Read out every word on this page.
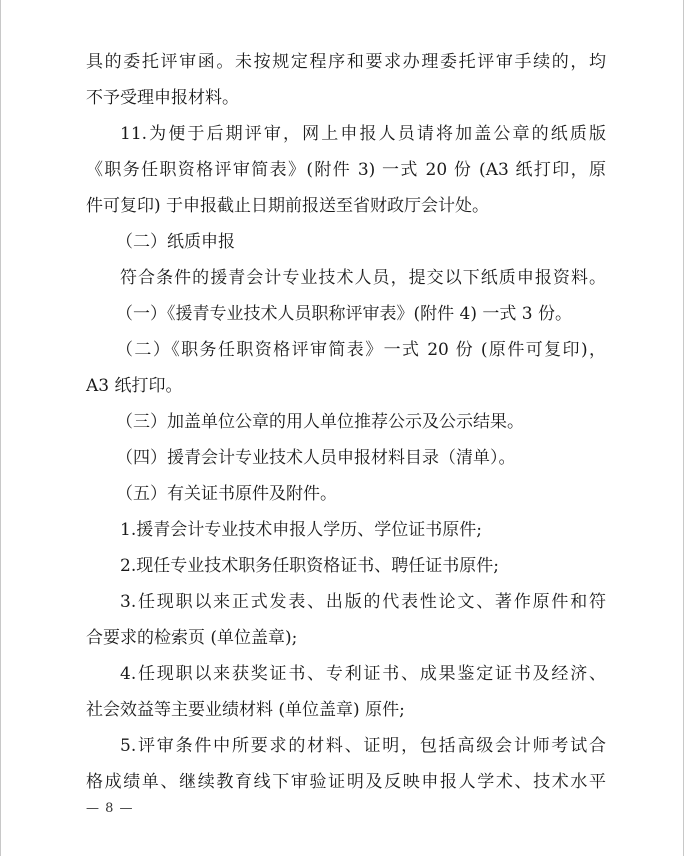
具的委托评审函。未按规定程序和要求办理委托评审手续的，均
不予受理申报材料。
11.为便于后期评审，网上申报人员请将加盖公章的纸质版
《职务任职资格评审简表》(附件 3) 一式 20 份 (A3 纸打印，原
件可复印) 于申报截止日期前报送至省财政厅会计处。
（二）纸质申报
符合条件的援青会计专业技术人员，提交以下纸质申报资料。
（一）《援青专业技术人员职称评审表》(附件 4) 一式 3 份。
（二）《职务任职资格评审简表》一式 20 份 (原件可复印)，
A3 纸打印。
（三）加盖单位公章的用人单位推荐公示及公示结果。
（四）援青会计专业技术人员申报材料目录（清单）。
（五）有关证书原件及附件。
1.援青会计专业技术申报人学历、学位证书原件;
2.现任专业技术职务任职资格证书、聘任证书原件;
3.任现职以来正式发表、出版的代表性论文、著作原件和符
合要求的检索页 (单位盖章);
4.任现职以来获奖证书、专利证书、成果鉴定证书及经济、
社会效益等主要业绩材料 (单位盖章) 原件;
5.评审条件中所要求的材料、证明，包括高级会计师考试合
格成绩单、继续教育线下审验证明及反映申报人学术、技术水平
— 8 —
